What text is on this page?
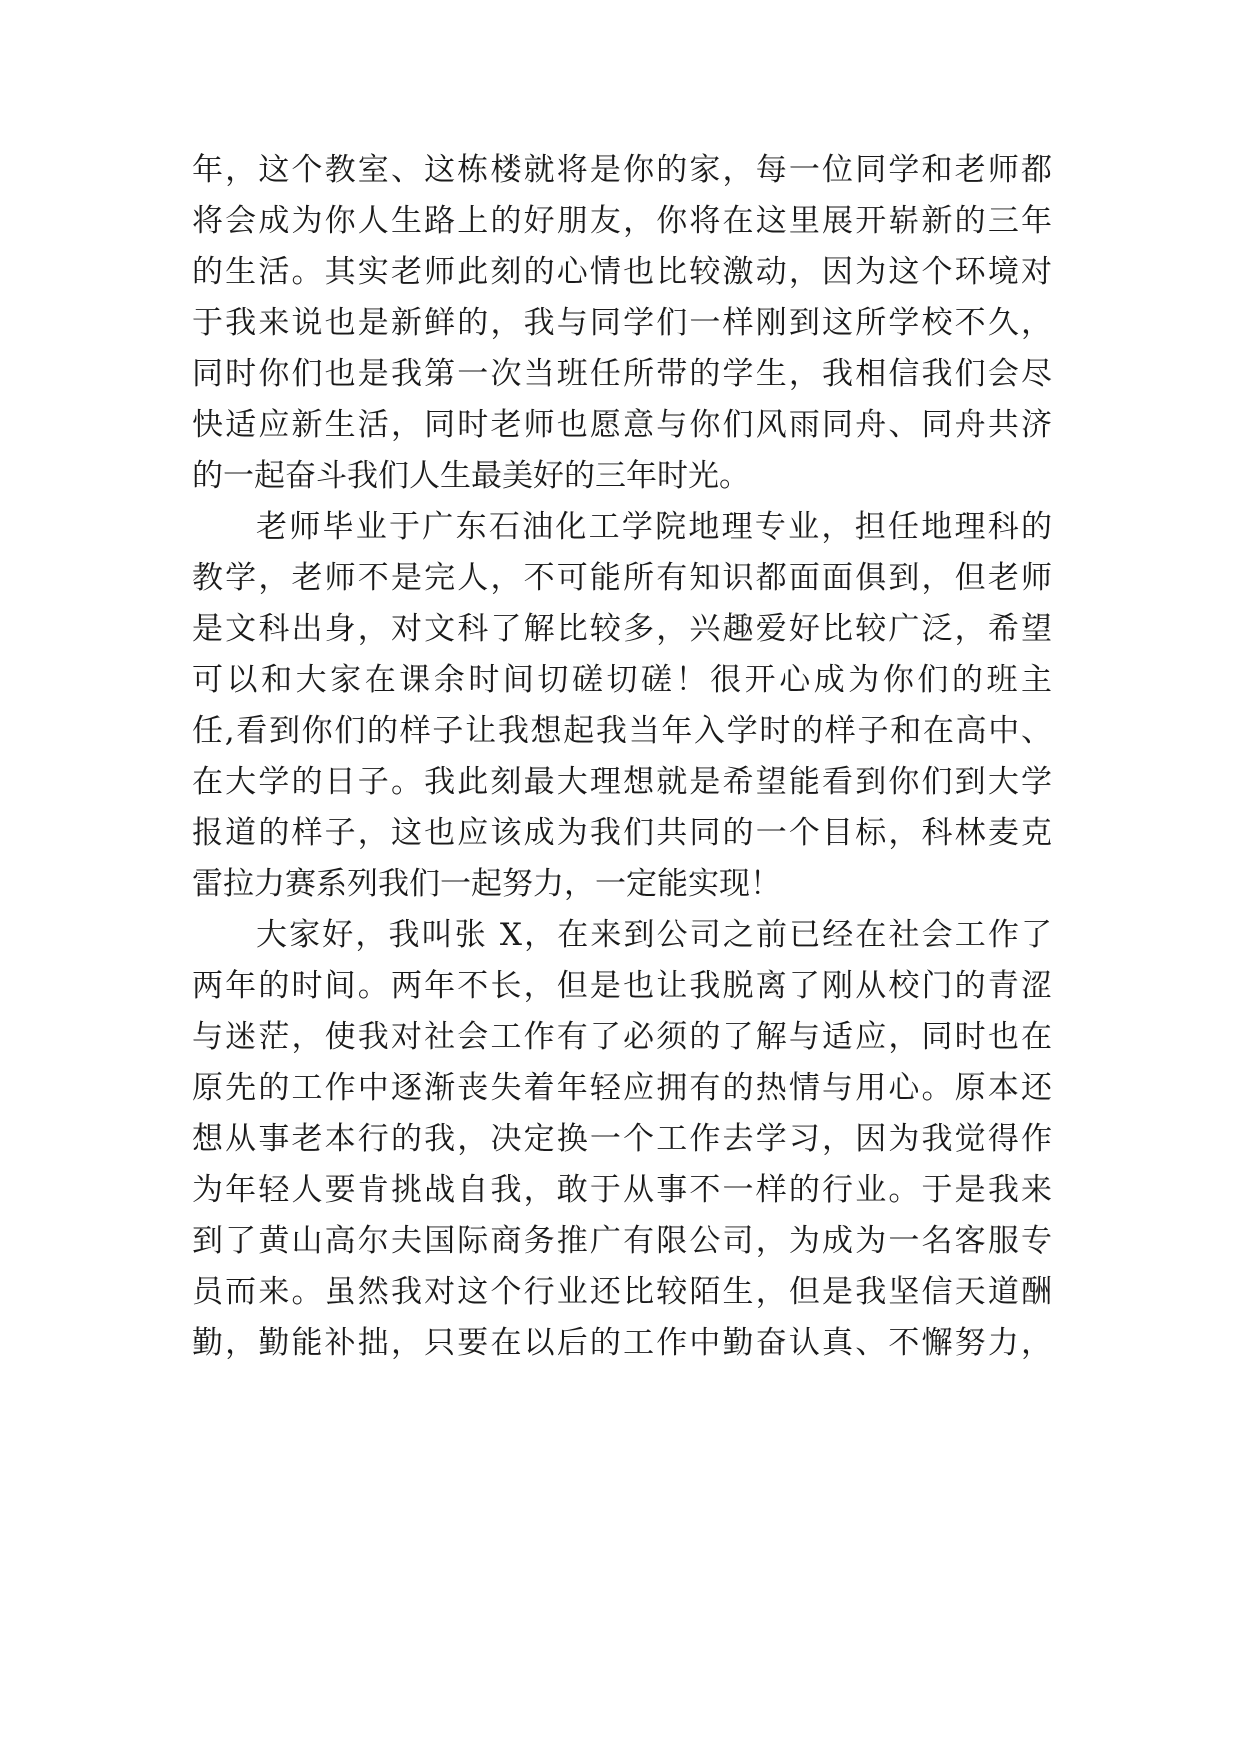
年，这个教室、这栋楼就将是你的家，每一位同学和老师都
将会成为你人生路上的好朋友，你将在这里展开崭新的三年
的生活。其实老师此刻的心情也比较激动，因为这个环境对
于我来说也是新鲜的，我与同学们一样刚到这所学校不久，
同时你们也是我第一次当班任所带的学生，我相信我们会尽
快适应新生活，同时老师也愿意与你们风雨同舟、同舟共济
的一起奋斗我们人生最美好的三年时光。
老师毕业于广东石油化工学院地理专业，担任地理科的
教学，老师不是完人，不可能所有知识都面面俱到，但老师
是文科出身，对文科了解比较多，兴趣爱好比较广泛，希望
可以和大家在课余时间切磋切磋！很开心成为你们的班主
任,看到你们的样子让我想起我当年入学时的样子和在高中、
在大学的日子。我此刻最大理想就是希望能看到你们到大学
报道的样子，这也应该成为我们共同的一个目标，科林麦克
雷拉力赛系列我们一起努力，一定能实现！
大家好，我叫张 X，在来到公司之前已经在社会工作了
两年的时间。两年不长，但是也让我脱离了刚从校门的青涩
与迷茫，使我对社会工作有了必须的了解与适应，同时也在
原先的工作中逐渐丧失着年轻应拥有的热情与用心。原本还
想从事老本行的我，决定换一个工作去学习，因为我觉得作
为年轻人要肯挑战自我，敢于从事不一样的行业。于是我来
到了黄山高尔夫国际商务推广有限公司，为成为一名客服专
员而来。虽然我对这个行业还比较陌生，但是我坚信天道酬
勤，勤能补拙，只要在以后的工作中勤奋认真、不懈努力，
